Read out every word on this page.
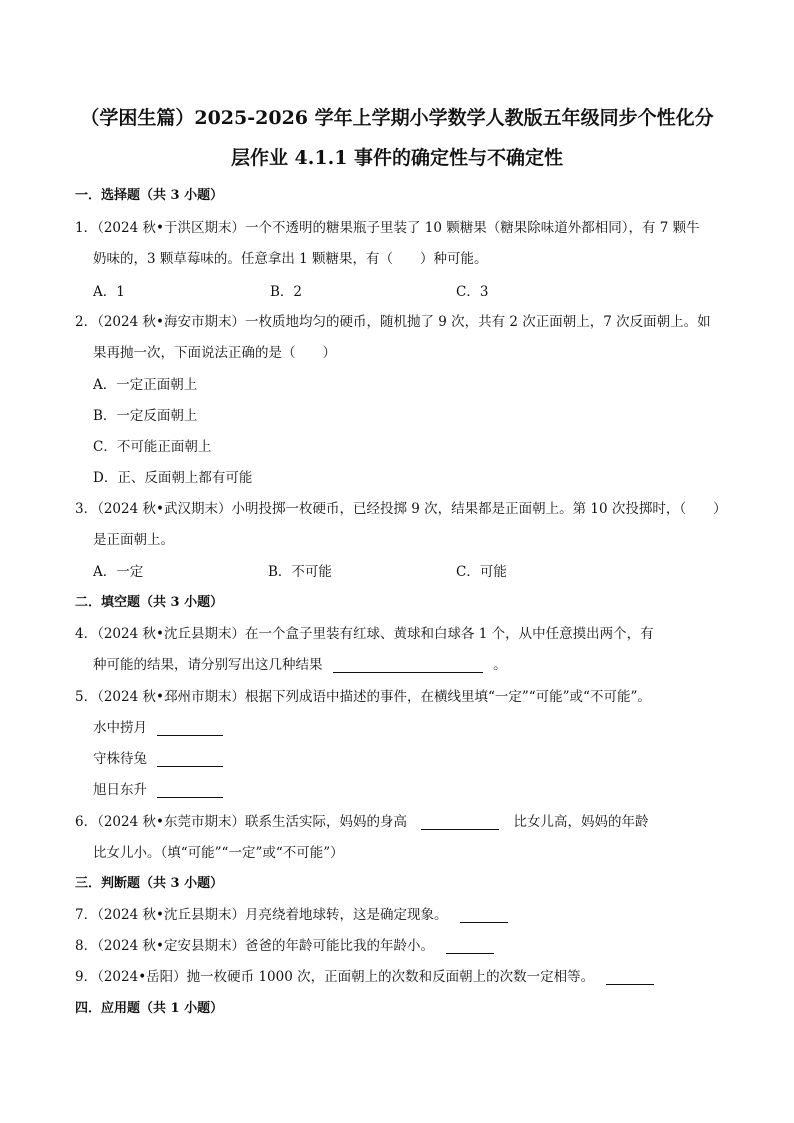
（学困生篇）2025-2026 学年上学期小学数学人教版五年级同步个性化分
层作业 4.1.1 事件的确定性与不确定性
一．选择题（共 3 小题）
1．（2024 秋•于洪区期末）一个不透明的糖果瓶子里装了 10 颗糖果（糖果除味道外都相同），有 7 颗牛
奶味的，3 颗草莓味的。任意拿出 1 颗糖果，有（　　）种可能。
A．1	B．2	C．3
2．（2024 秋•海安市期末）一枚质地均匀的硬币，随机抛了 9 次，共有 2 次正面朝上，7 次反面朝上。如
果再抛一次，下面说法正确的是（　　）
A．一定正面朝上
B．一定反面朝上
C．不可能正面朝上
D．正、反面朝上都有可能
3．（2024 秋•武汉期末）小明投掷一枚硬币，已经投掷 9 次，结果都是正面朝上。第 10 次投掷时，（　　）
是正面朝上。
A．一定	B．不可能	C．可能
二．填空题（共 3 小题）
4．（2024 秋•沈丘县期末）在一个盒子里装有红球、黄球和白球各 1 个，从中任意摸出两个，有
种可能的结果，请分别写出这几种结果	。
5．（2024 秋•邳州市期末）根据下列成语中描述的事件，在横线里填“一定”“可能”或“不可能”。
水中捞月
守株待兔
旭日东升
6．（2024 秋•东莞市期末）联系生活实际，妈妈的身高	比女儿高，妈妈的年龄
比女儿小。（填“可能”“一定”或“不可能”）
三．判断题（共 3 小题）
7．（2024 秋•沈丘县期末）月亮绕着地球转，这是确定现象。
8．（2024 秋•定安县期末）爸爸的年龄可能比我的年龄小。
9．（2024•岳阳）抛一枚硬币 1000 次，正面朝上的次数和反面朝上的次数一定相等。
四．应用题（共 1 小题）
